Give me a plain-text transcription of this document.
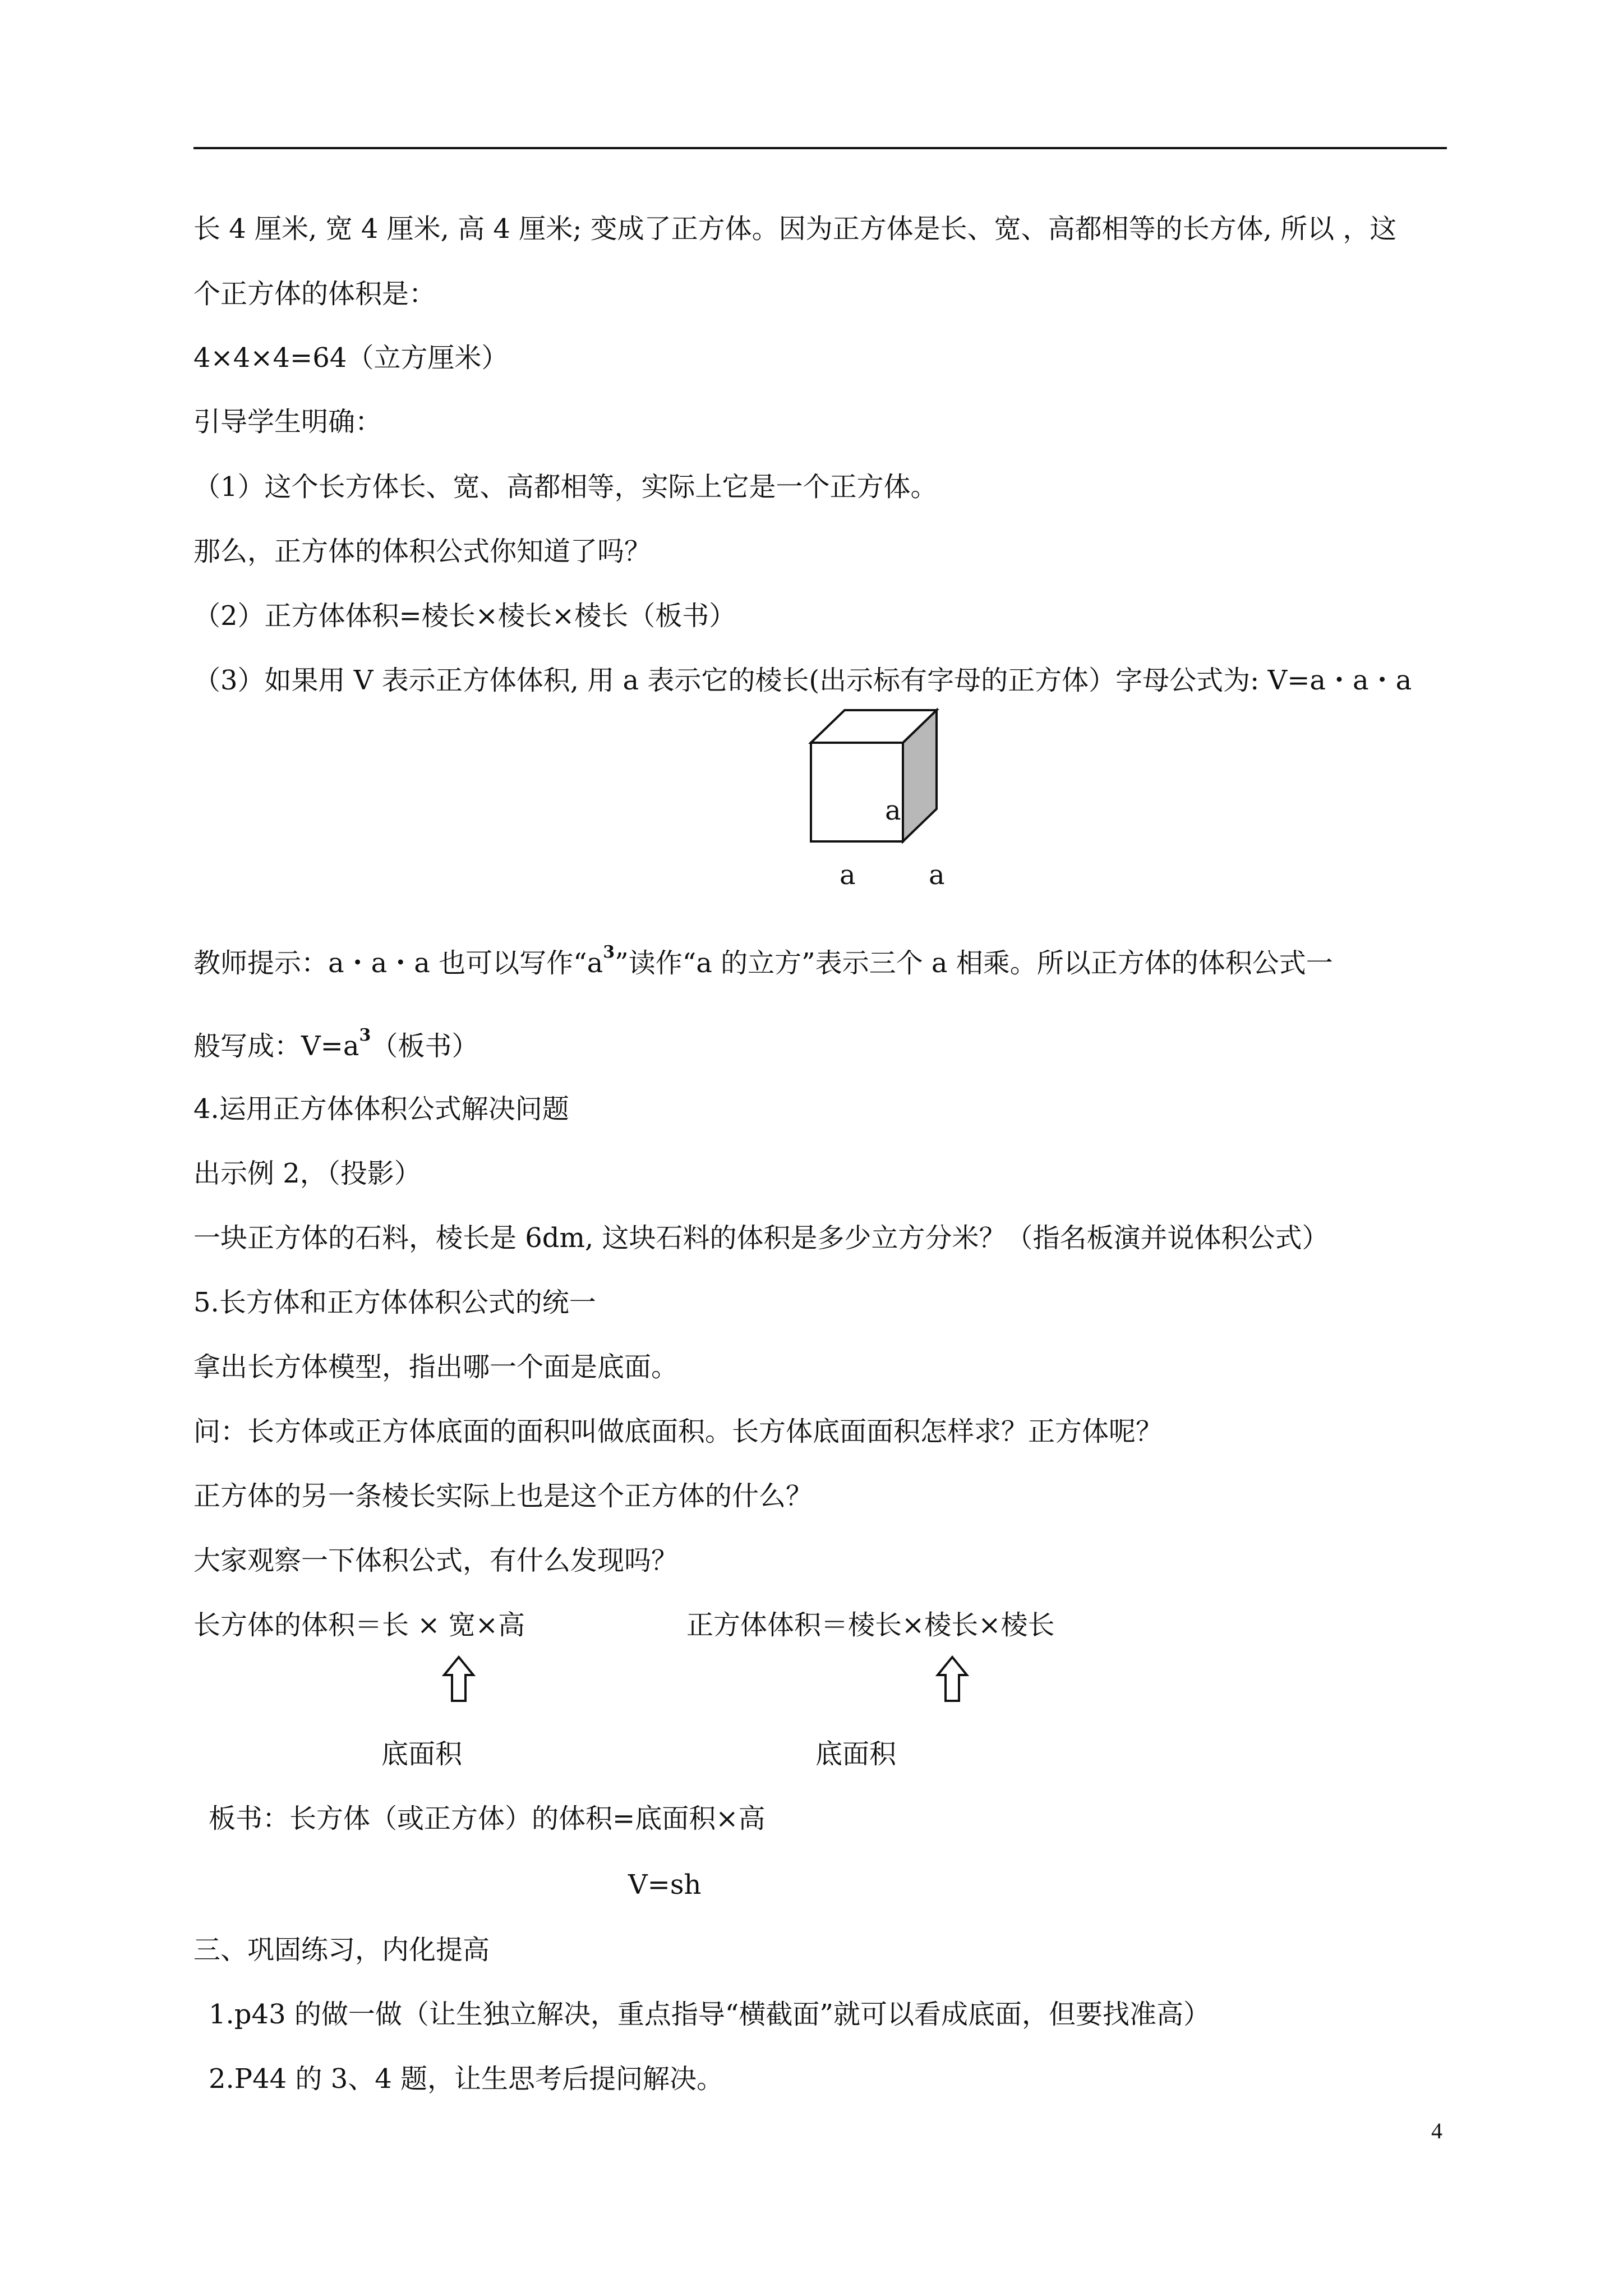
长 4 厘米, 宽 4 厘米, 高 4 厘米; 变成了正方体。因为正方体是长、宽、高都相等的长方体, 所以 ，这
个正方体的体积是：
4×4×4=64（立方厘米）
引导学生明确：
（1）这个长方体长、宽、高都相等，实际上它是一个正方体。
那么，正方体的体积公式你知道了吗？
（2）正方体体积=棱长×棱长×棱长（板书）
（3）如果用 V 表示正方体体积, 用 a 表示它的棱长(出示标有字母的正方体）字母公式为: V=a・a・a
a
a	a
教师提示：a・a・a 也可以写作“$a^3$”读作“a 的立方”表示三个 a 相乘。所以正方体的体积公式一
般写成：$V=a^3$（板书）
4.运用正方体体积公式解决问题
出示例 2，（投影）
一块正方体的石料，棱长是 6dm, 这块石料的体积是多少立方分米？（指名板演并说体积公式）
5.长方体和正方体体积公式的统一
拿出长方体模型，指出哪一个面是底面。
问：长方体或正方体底面的面积叫做底面积。长方体底面面积怎样求？正方体呢？
正方体的另一条棱长实际上也是这个正方体的什么？
大家观察一下体积公式，有什么发现吗？
长方体的体积＝长 × 宽×高	正方体体积＝棱长×棱长×棱长
底面积	底面积
板书：长方体（或正方体）的体积=底面积×高
V=sh
三、巩固练习，内化提高
1.p43 的做一做（让生独立解决，重点指导“横截面”就可以看成底面，但要找准高）
2.P44 的 3、4 题，让生思考后提问解决。
4
